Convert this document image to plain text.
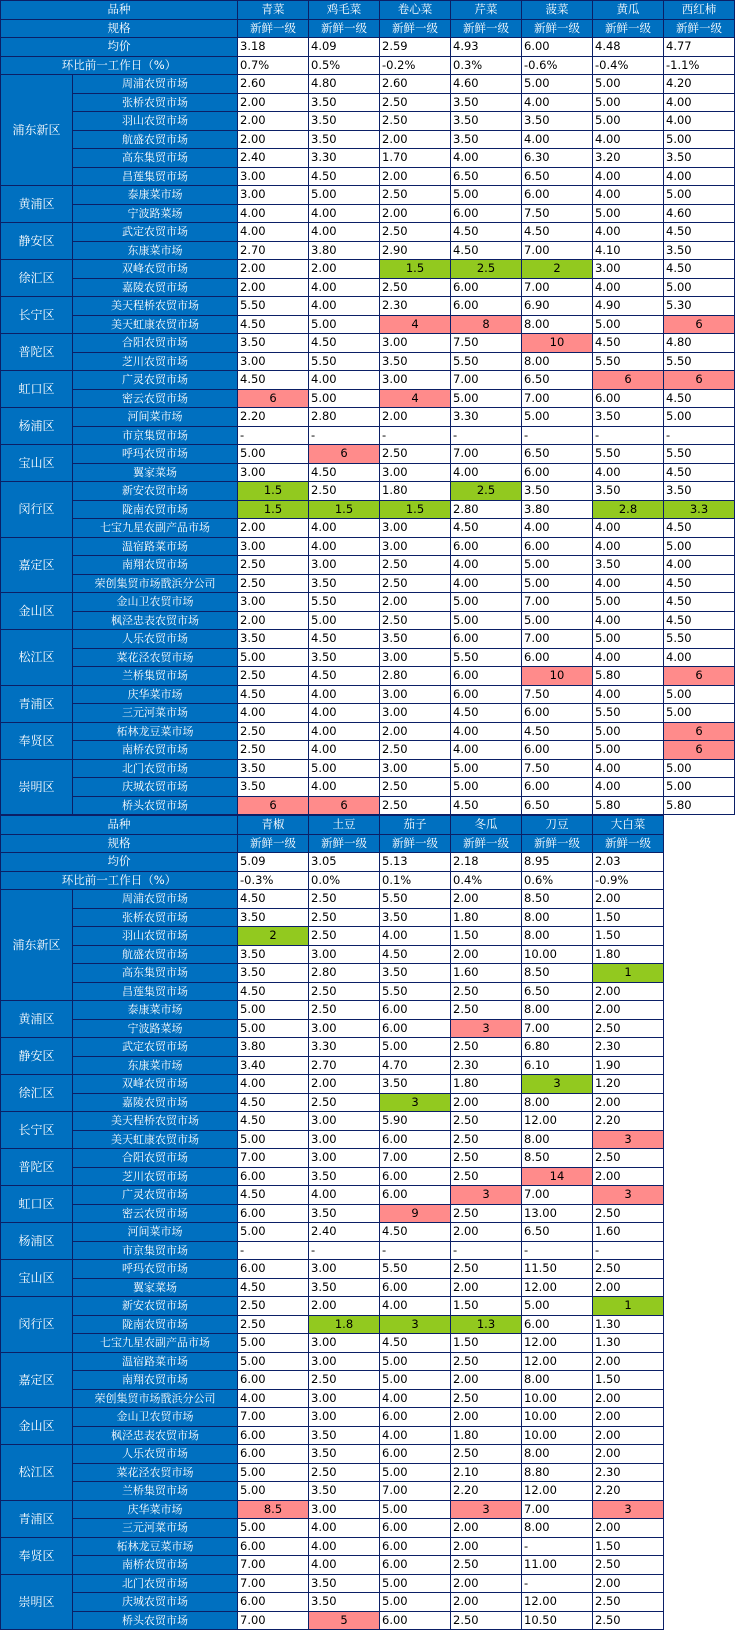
品种		青菜	鸡毛菜	卷心菜	芹菜	菠菜	黄瓜	西红柿
规格		新鲜一级	新鲜一级	新鲜一级	新鲜一级	新鲜一级	新鲜一级	新鲜一级
均价		3.18	4.09	2.59	4.93	6.00	4.48	4.77
环比前一工作日（%）		0.7%	0.5%	-0.2%	0.3%	-0.6%	-0.4%	-1.1%
浦东新区	周浦农贸市场	2.60	4.80	2.60	4.60	5.00	5.00	4.20
	张桥农贸市场	2.00	3.50	2.50	3.50	4.00	5.00	4.00
	羽山农贸市场	2.00	3.50	2.50	3.50	3.50	5.00	4.00
	航盛农贸市场	2.00	3.50	2.00	3.50	4.00	4.00	5.00
	高东集贸市场	2.40	3.30	1.70	4.00	6.30	3.20	3.50
	昌莲集贸市场	3.00	4.50	2.00	6.50	6.50	4.00	4.00
黄浦区	泰康菜市场	3.00	5.00	2.50	5.00	6.00	4.00	5.00
	宁波路菜场	4.00	4.00	2.00	6.00	7.50	5.00	4.60
静安区	武定农贸市场	4.00	4.00	2.50	4.50	4.50	4.00	4.50
	东康菜市场	2.70	3.80	2.90	4.50	7.00	4.10	3.50
徐汇区	双峰农贸市场	2.00	2.00	1.5	2.5	2	3.00	4.50
	嘉陵农贸市场	2.00	4.00	2.50	6.00	7.00	4.00	5.00
长宁区	美天程桥农贸市场	5.50	4.00	2.30	6.00	6.90	4.90	5.30
	美天虹康农贸市场	4.50	5.00	4	8	8.00	5.00	6
普陀区	合阳农贸市场	3.50	4.50	3.00	7.50	10	4.50	4.80
	芝川农贸市场	3.00	5.50	3.50	5.50	8.00	5.50	5.50
虹口区	广灵农贸市场	4.50	4.00	3.00	7.00	6.50	6	6
	密云农贸市场	6	5.00	4	5.00	7.00	6.00	4.50
杨浦区	河间菜市场	2.20	2.80	2.00	3.30	5.00	3.50	5.00
	市京集贸市场	-	-	-	-	-	-	-
宝山区	呼玛农贸市场	5.00	6	2.50	7.00	6.50	5.50	5.50
	翼家菜场	3.00	4.50	3.00	4.00	6.00	4.00	4.50
闵行区	新安农贸市场	1.5	2.50	1.80	2.5	3.50	3.50	3.50
	陇南农贸市场	1.5	1.5	1.5	2.80	3.80	2.8	3.3
	七宝九星农副产品市场	2.00	4.00	3.00	4.50	4.00	4.00	4.50
嘉定区	温宿路菜市场	3.00	4.00	3.00	6.00	6.00	4.00	5.00
	南翔农贸市场	2.50	3.00	2.50	4.00	5.00	3.50	4.00
	荣创集贸市场戬浜分公司	2.50	3.50	2.50	4.00	5.00	4.00	4.50
金山区	金山卫农贸市场	3.00	5.50	2.00	5.00	7.00	5.00	4.50
	枫泾忠表农贸市场	2.00	5.00	2.50	5.00	5.00	4.00	4.50
松江区	人乐农贸市场	3.50	4.50	3.50	6.00	7.00	5.00	5.50
	菜花泾农贸市场	5.00	3.50	3.00	5.50	6.00	4.00	4.00
	兰桥集贸市场	2.50	4.50	2.80	6.00	10	5.80	6
青浦区	庆华菜市场	4.50	4.00	3.00	6.00	7.50	4.00	5.00
	三元河菜市场	4.00	4.00	3.00	4.50	6.00	5.50	5.00
奉贤区	柘林龙豆菜市场	2.50	4.00	2.00	4.00	4.50	5.00	6
	南桥农贸市场	2.50	4.00	2.50	4.00	6.00	5.00	6
崇明区	北门农贸市场	3.50	5.00	3.00	5.00	7.50	4.00	5.00
	庆城农贸市场	3.50	4.00	2.50	5.00	6.00	4.00	5.00
	桥头农贸市场	6	6	2.50	4.50	6.50	5.80	5.80
品种		青椒	土豆	茄子	冬瓜	刀豆	大白菜	
规格		新鲜一级	新鲜一级	新鲜一级	新鲜一级	新鲜一级	新鲜一级	
均价		5.09	3.05	5.13	2.18	8.95	2.03	
环比前一工作日（%）		-0.3%	0.0%	0.1%	0.4%	0.6%	-0.9%	
浦东新区	周浦农贸市场	4.50	2.50	5.50	2.00	8.50	2.00	
	张桥农贸市场	3.50	2.50	3.50	1.80	8.00	1.50	
	羽山农贸市场	2	2.50	4.00	1.50	8.00	1.50	
	航盛农贸市场	3.50	3.00	4.50	2.00	10.00	1.80	
	高东集贸市场	3.50	2.80	3.50	1.60	8.50	1	
	昌莲集贸市场	4.50	2.50	5.50	2.50	6.50	2.00	
黄浦区	泰康菜市场	5.00	2.50	6.00	2.50	8.00	2.00	
	宁波路菜场	5.00	3.00	6.00	3	7.00	2.50	
静安区	武定农贸市场	3.80	3.30	5.00	2.50	6.80	2.30	
	东康菜市场	3.40	2.70	4.70	2.30	6.10	1.90	
徐汇区	双峰农贸市场	4.00	2.00	3.50	1.80	3	1.20	
	嘉陵农贸市场	4.50	2.50	3	2.00	8.00	2.00	
长宁区	美天程桥农贸市场	4.50	3.00	5.90	2.50	12.00	2.20	
	美天虹康农贸市场	5.00	3.00	6.00	2.50	8.00	3	
普陀区	合阳农贸市场	7.00	3.00	7.00	2.50	8.50	2.50	
	芝川农贸市场	6.00	3.50	6.00	2.50	14	2.00	
虹口区	广灵农贸市场	4.50	4.00	6.00	3	7.00	3	
	密云农贸市场	6.00	3.50	9	2.50	13.00	2.50	
杨浦区	河间菜市场	5.00	2.40	4.50	2.00	6.50	1.60	
	市京集贸市场	-	-	-	-	-	-	
宝山区	呼玛农贸市场	6.00	3.00	5.50	2.50	11.50	2.50	
	翼家菜场	4.50	3.50	6.00	2.00	12.00	2.00	
闵行区	新安农贸市场	2.50	2.00	4.00	1.50	5.00	1	
	陇南农贸市场	2.50	1.8	3	1.3	6.00	1.30	
	七宝九星农副产品市场	5.00	3.00	4.50	1.50	12.00	1.30	
嘉定区	温宿路菜市场	5.00	3.00	5.00	2.50	12.00	2.00	
	南翔农贸市场	6.00	2.50	5.00	2.00	8.00	1.50	
	荣创集贸市场戬浜分公司	4.00	3.00	4.00	2.50	10.00	2.00	
金山区	金山卫农贸市场	7.00	3.00	6.00	2.00	10.00	2.00	
	枫泾忠表农贸市场	6.00	3.50	4.00	1.80	10.00	2.00	
松江区	人乐农贸市场	6.00	3.50	6.00	2.50	8.00	2.00	
	菜花泾农贸市场	5.00	2.50	5.00	2.10	8.80	2.30	
	兰桥集贸市场	5.00	3.50	7.00	2.20	12.00	2.20	
青浦区	庆华菜市场	8.5	3.00	5.00	3	7.00	3	
	三元河菜市场	5.00	4.00	6.00	2.00	8.00	2.00	
奉贤区	柘林龙豆菜市场	6.00	4.00	6.00	2.00	-	1.50	
	南桥农贸市场	7.00	4.00	6.00	2.50	11.00	2.50	
崇明区	北门农贸市场	7.00	3.50	5.00	2.00	-	2.00	
	庆城农贸市场	6.00	3.50	5.00	2.00	12.00	2.50	
	桥头农贸市场	7.00	5	6.00	2.50	10.50	2.50	
